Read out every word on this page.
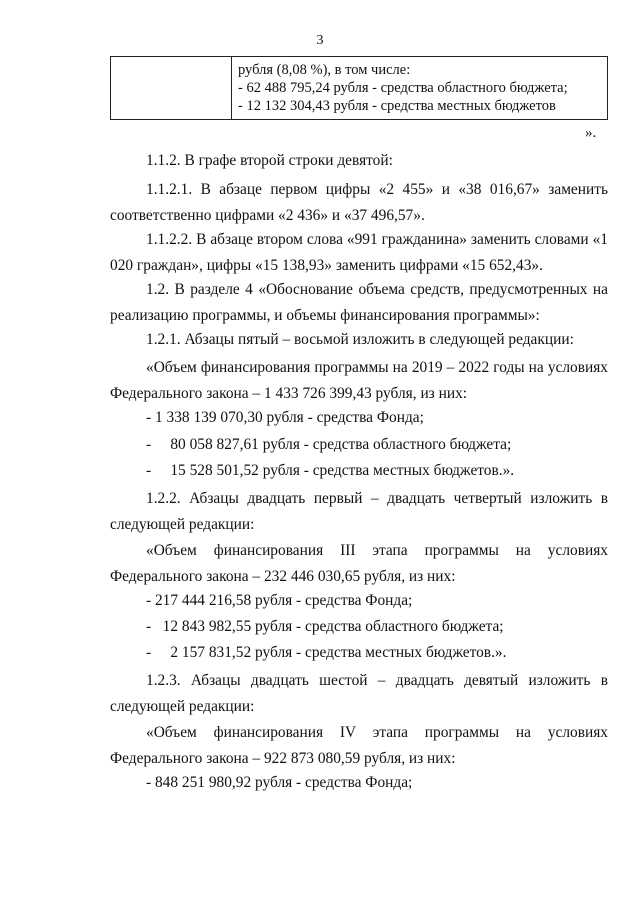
3

рубля (8,08 %), в том числе:
- 62 488 795,24 рубля - средства областного бюджета;
- 12 132 304,43 рубля - средства местных бюджетов
».

1.1.2. В графе второй строки девятой:

1.1.2.1. В абзаце первом цифры «2 455» и «38 016,67» заменить соответственно цифрами «2 436» и «37 496,57».

1.1.2.2. В абзаце втором слова «991 гражданина» заменить словами «1 020 граждан», цифры «15 138,93» заменить цифрами «15 652,43».

1.2. В разделе 4 «Обоснование объема средств, предусмотренных на реализацию программы, и объемы финансирования программы»:

1.2.1. Абзацы пятый – восьмой изложить в следующей редакции:

«Объем финансирования программы на 2019 – 2022 годы на условиях Федерального закона – 1 433 726 399,43 рубля, из них:

- 1 338 139 070,30 рубля - средства Фонда;

-     80 058 827,61 рубля - средства областного бюджета;

-     15 528 501,52 рубля - средства местных бюджетов.».

1.2.2. Абзацы двадцать первый – двадцать четвертый изложить в следующей редакции:

«Объем финансирования III этапа программы на условиях Федерального закона – 232 446 030,65 рубля, из них:

- 217 444 216,58 рубля - средства Фонда;

-   12 843 982,55 рубля - средства областного бюджета;

-     2 157 831,52 рубля - средства местных бюджетов.».

1.2.3. Абзацы двадцать шестой – двадцать девятый изложить в следующей редакции:

«Объем финансирования IV этапа программы на условиях Федерального закона – 922 873 080,59 рубля, из них:

- 848 251 980,92 рубля - средства Фонда;
